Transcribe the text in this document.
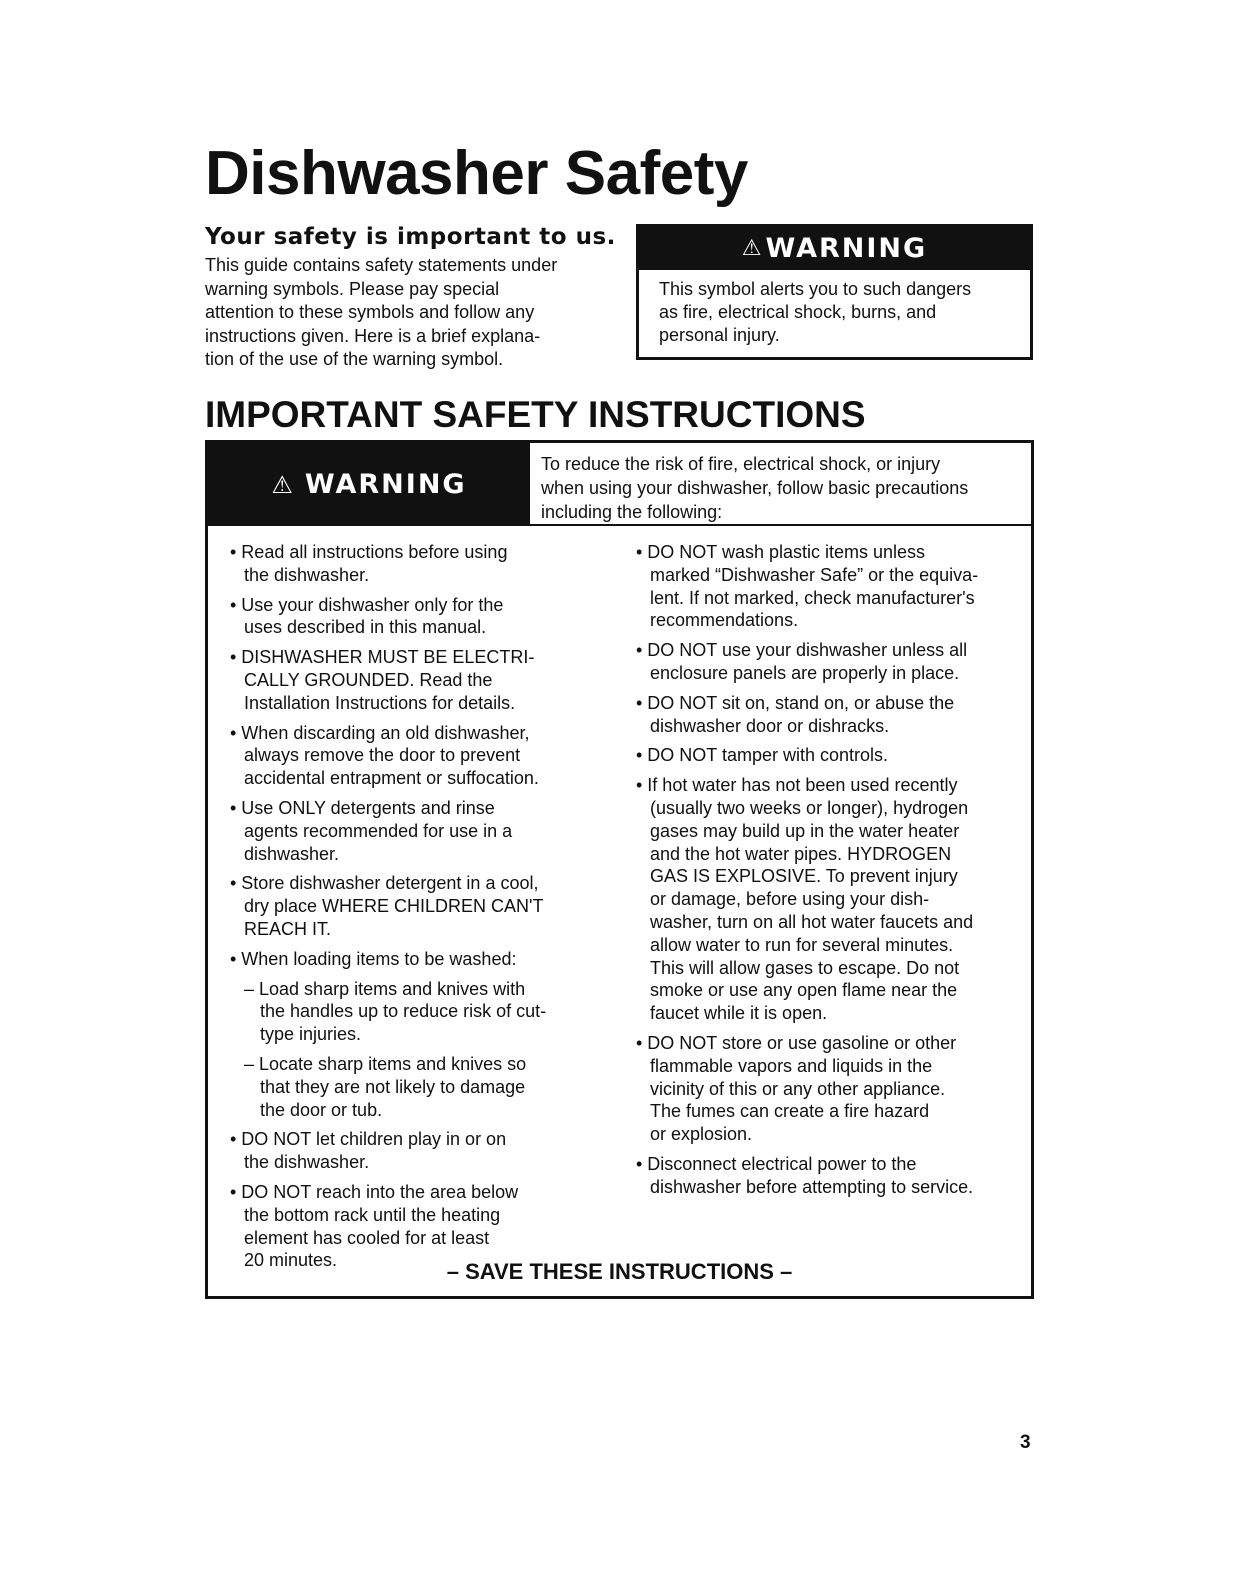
Dishwasher Safety
Your safety is important to us.
This guide contains safety statements under
warning symbols. Please pay special
attention to these symbols and follow any
instructions given. Here is a brief explana-
tion of the use of the warning symbol.
⚠ WARNING
This symbol alerts you to such dangers
as fire, electrical shock, burns, and
personal injury.
IMPORTANT SAFETY INSTRUCTIONS
⚠ WARNING
To reduce the risk of fire, electrical shock, or injury
when using your dishwasher, follow basic precautions
including the following:
• Read all instructions before using
the dishwasher.
• Use your dishwasher only for the
uses described in this manual.
• DISHWASHER MUST BE ELECTRI-
CALLY GROUNDED. Read the
Installation Instructions for details.
• When discarding an old dishwasher,
always remove the door to prevent
accidental entrapment or suffocation.
• Use ONLY detergents and rinse
agents recommended for use in a
dishwasher.
• Store dishwasher detergent in a cool,
dry place WHERE CHILDREN CAN'T
REACH IT.
• When loading items to be washed:
– Load sharp items and knives with
the handles up to reduce risk of cut-
type injuries.
– Locate sharp items and knives so
that they are not likely to damage
the door or tub.
• DO NOT let children play in or on
the dishwasher.
• DO NOT reach into the area below
the bottom rack until the heating
element has cooled for at least
20 minutes.
• DO NOT wash plastic items unless
marked “Dishwasher Safe” or the equiva-
lent. If not marked, check manufacturer's
recommendations.
• DO NOT use your dishwasher unless all
enclosure panels are properly in place.
• DO NOT sit on, stand on, or abuse the
dishwasher door or dishracks.
• DO NOT tamper with controls.
• If hot water has not been used recently
(usually two weeks or longer), hydrogen
gases may build up in the water heater
and the hot water pipes. HYDROGEN
GAS IS EXPLOSIVE. To prevent injury
or damage, before using your dish-
washer, turn on all hot water faucets and
allow water to run for several minutes.
This will allow gases to escape. Do not
smoke or use any open flame near the
faucet while it is open.
• DO NOT store or use gasoline or other
flammable vapors and liquids in the
vicinity of this or any other appliance.
The fumes can create a fire hazard
or explosion.
• Disconnect electrical power to the
dishwasher before attempting to service.
– SAVE THESE INSTRUCTIONS –
3
